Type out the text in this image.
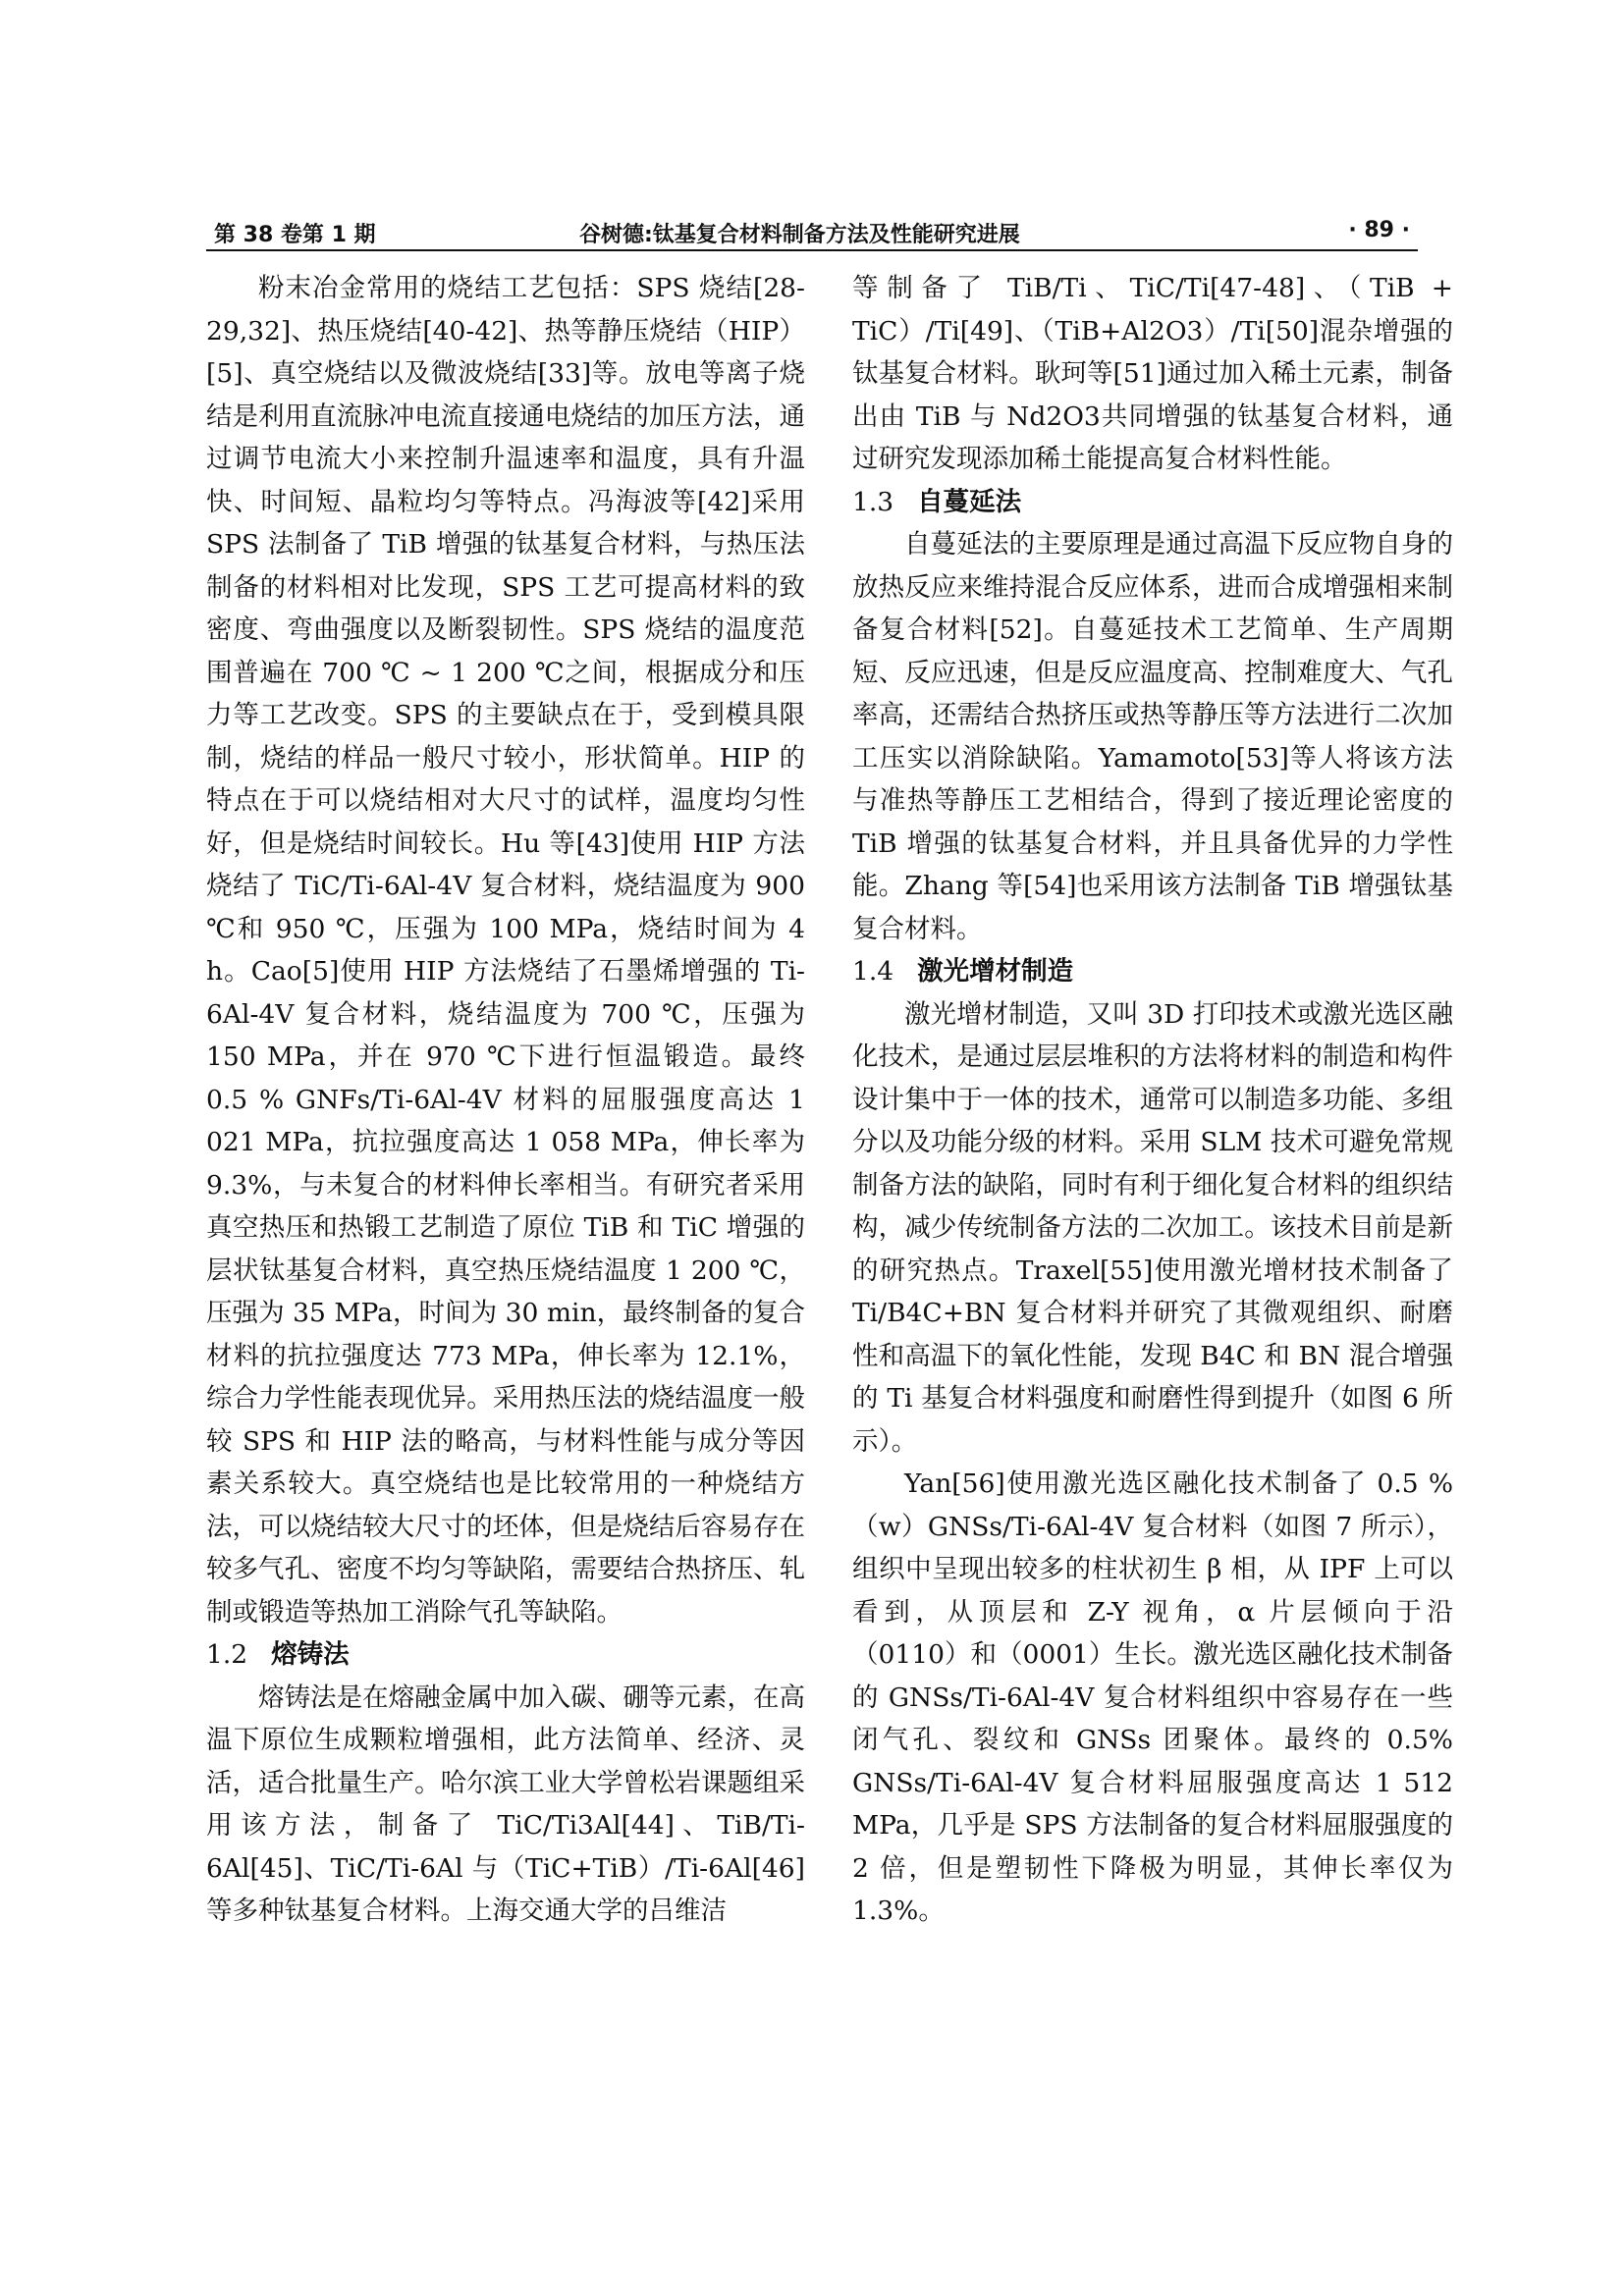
第 38 卷第 1 期	谷树德:钛基复合材料制备方法及性能研究进展	· 89 ·

粉末冶金常用的烧结工艺包括：SPS 烧结[28-29,32]、热压烧结[40-42]、热等静压烧结（HIP）[5]、真空烧结以及微波烧结[33]等。放电等离子烧结是利用直流脉冲电流直接通电烧结的加压方法，通过调节电流大小来控制升温速率和温度，具有升温快、时间短、晶粒均匀等特点。冯海波等[42]采用 SPS 法制备了 TiB 增强的钛基复合材料，与热压法制备的材料相对比发现，SPS 工艺可提高材料的致密度、弯曲强度以及断裂韧性。SPS 烧结的温度范围普遍在 700 ℃ ~ 1 200 ℃之间，根据成分和压力等工艺改变。SPS 的主要缺点在于，受到模具限制，烧结的样品一般尺寸较小，形状简单。HIP 的特点在于可以烧结相对大尺寸的试样，温度均匀性好，但是烧结时间较长。Hu 等[43]使用 HIP 方法烧结了 TiC/Ti-6Al-4V 复合材料，烧结温度为 900 ℃和 950 ℃，压强为 100 MPa，烧结时间为 4 h。Cao[5]使用 HIP 方法烧结了石墨烯增强的 Ti-6Al-4V 复合材料，烧结温度为 700 ℃，压强为 150 MPa，并在 970 ℃下进行恒温锻造。最终 0.5 % GNFs/Ti-6Al-4V 材料的屈服强度高达 1 021 MPa，抗拉强度高达 1 058 MPa，伸长率为 9.3%，与未复合的材料伸长率相当。有研究者采用真空热压和热锻工艺制造了原位 TiB 和 TiC 增强的层状钛基复合材料，真空热压烧结温度 1 200 ℃，压强为 35 MPa，时间为 30 min，最终制备的复合材料的抗拉强度达 773 MPa，伸长率为 12.1%，综合力学性能表现优异。采用热压法的烧结温度一般较 SPS 和 HIP 法的略高，与材料性能与成分等因素关系较大。真空烧结也是比较常用的一种烧结方法，可以烧结较大尺寸的坯体，但是烧结后容易存在较多气孔、密度不均匀等缺陷，需要结合热挤压、轧制或锻造等热加工消除气孔等缺陷。

1.2 熔铸法

熔铸法是在熔融金属中加入碳、硼等元素，在高温下原位生成颗粒增强相，此方法简单、经济、灵活，适合批量生产。哈尔滨工业大学曾松岩课题组采用该方法，制备了 TiC/Ti3Al[44]、TiB/Ti-6Al[45]、TiC/Ti-6Al 与（TiC+TiB）/Ti-6Al[46]等多种钛基复合材料。上海交通大学的吕维洁

等制备了 TiB/Ti、TiC/Ti[47-48]、（TiB + TiC）/Ti[49]、（TiB+Al2O3）/Ti[50]混杂增强的钛基复合材料。耿珂等[51]通过加入稀土元素，制备出由 TiB 与 Nd2O3共同增强的钛基复合材料，通过研究发现添加稀土能提高复合材料性能。

1.3 自蔓延法

自蔓延法的主要原理是通过高温下反应物自身的放热反应来维持混合反应体系，进而合成增强相来制备复合材料[52]。自蔓延技术工艺简单、生产周期短、反应迅速，但是反应温度高、控制难度大、气孔率高，还需结合热挤压或热等静压等方法进行二次加工压实以消除缺陷。Yamamoto[53]等人将该方法与准热等静压工艺相结合，得到了接近理论密度的 TiB 增强的钛基复合材料，并且具备优异的力学性能。Zhang 等[54]也采用该方法制备 TiB 增强钛基复合材料。

1.4 激光增材制造

激光增材制造，又叫 3D 打印技术或激光选区融化技术，是通过层层堆积的方法将材料的制造和构件设计集中于一体的技术，通常可以制造多功能、多组分以及功能分级的材料。采用 SLM 技术可避免常规制备方法的缺陷，同时有利于细化复合材料的组织结构，减少传统制备方法的二次加工。该技术目前是新的研究热点。Traxel[55]使用激光增材技术制备了 Ti/B4C+BN 复合材料并研究了其微观组织、耐磨性和高温下的氧化性能，发现 B4C 和 BN 混合增强的 Ti 基复合材料强度和耐磨性得到提升（如图 6 所示）。

Yan[56]使用激光选区融化技术制备了 0.5 %（w）GNSs/Ti-6Al-4V 复合材料（如图 7 所示），组织中呈现出较多的柱状初生 β 相，从 IPF 上可以看到，从顶层和 Z-Y 视角，α 片层倾向于沿（0110）和（0001）生长。激光选区融化技术制备的 GNSs/Ti-6Al-4V 复合材料组织中容易存在一些闭气孔、裂纹和 GNSs 团聚体。最终的 0.5% GNSs/Ti-6Al-4V 复合材料屈服强度高达 1 512 MPa，几乎是 SPS 方法制备的复合材料屈服强度的 2 倍，但是塑韧性下降极为明显，其伸长率仅为 1.3%。
